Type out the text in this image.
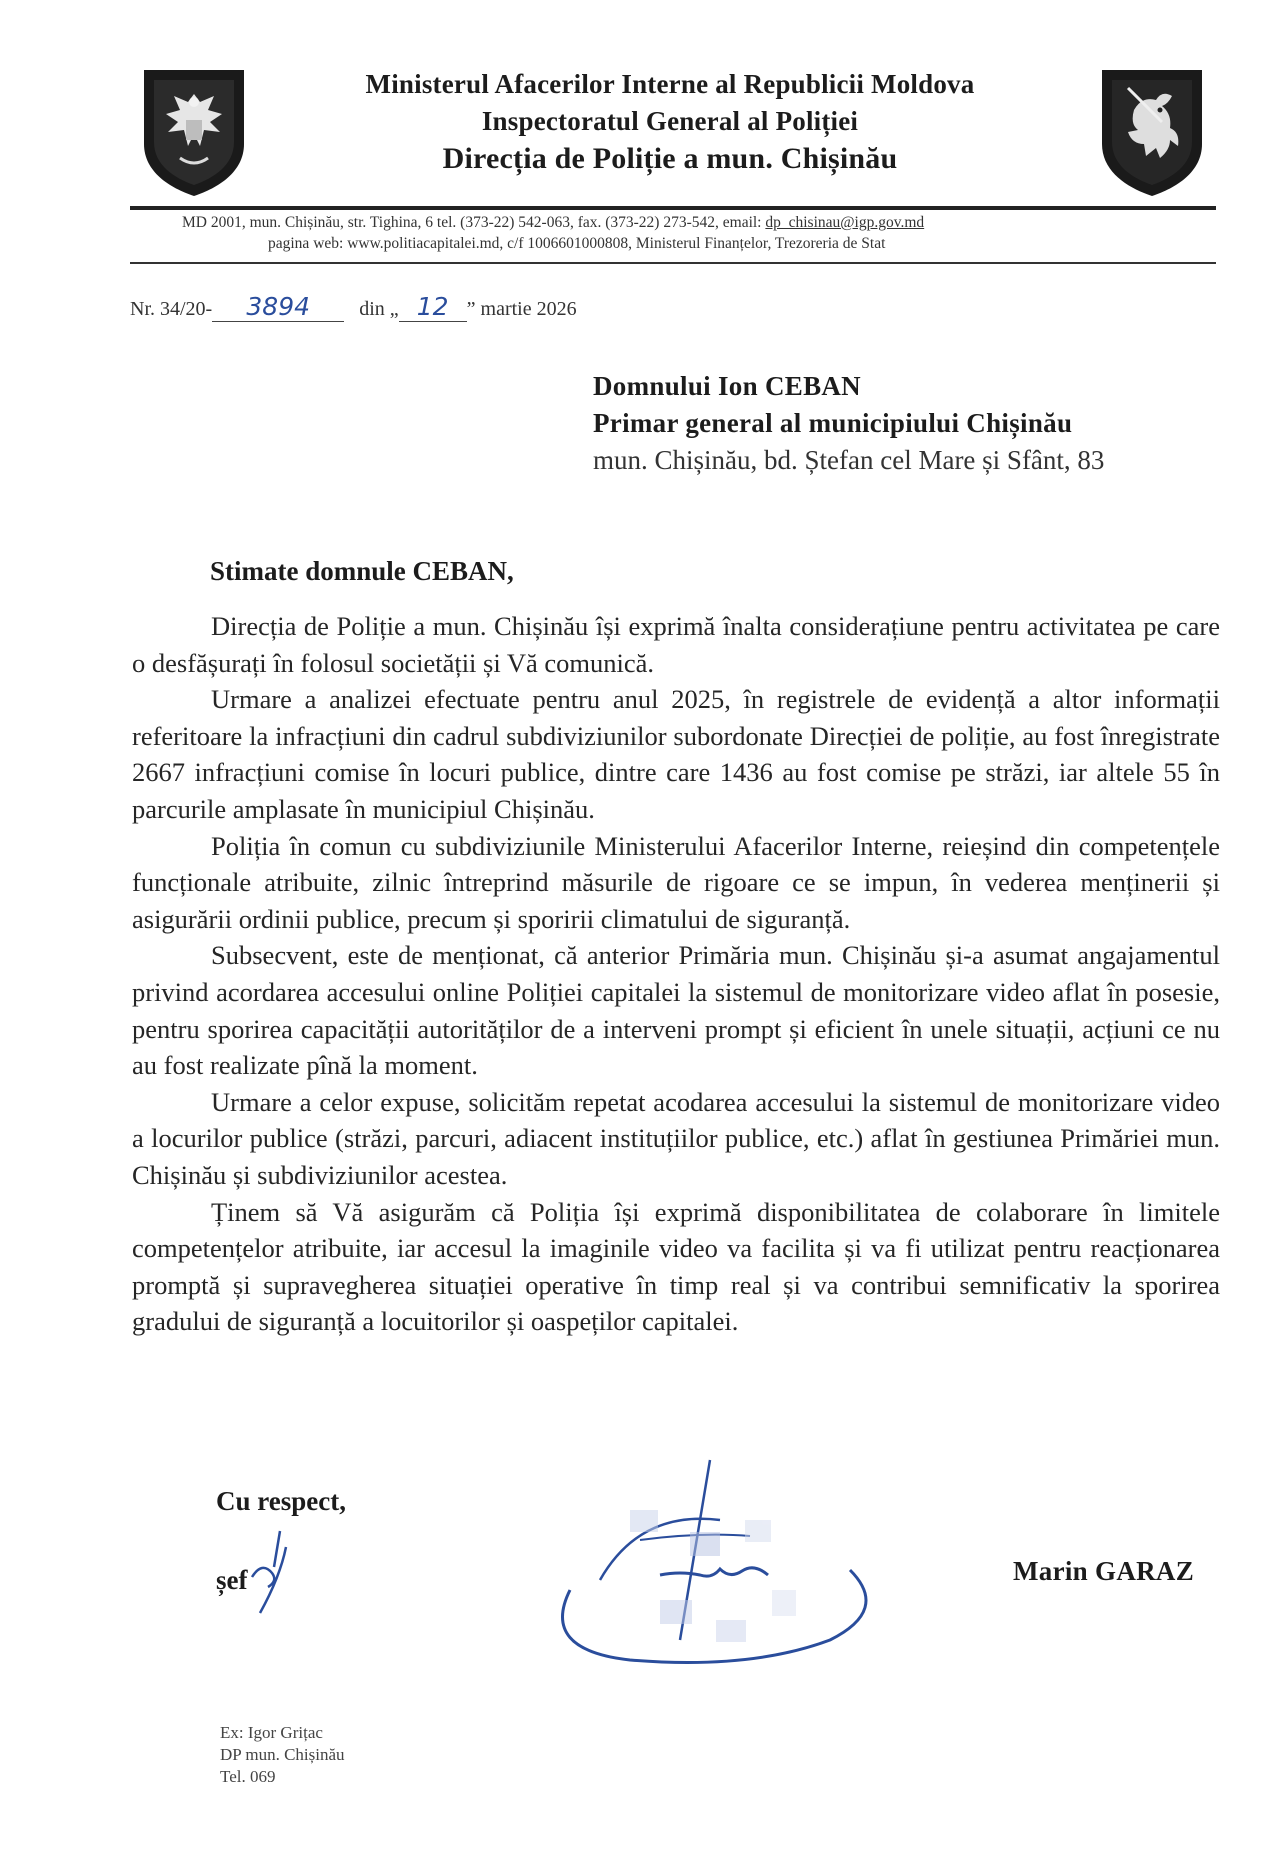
Ministerul Afacerilor Interne al Republicii Moldova
Inspectoratul General al Poliției
Direcția de Poliție a mun. Chișinău
MD 2001, mun. Chișinău, str. Tighina, 6 tel. (373-22) 542-063, fax. (373-22) 273-542, email: dp_chisinau@igp.gov.md
pagina web: www.politiacapitalei.md, c/f 1006601000808, Ministerul Finanțelor, Trezoreria de Stat
Nr. 34/20- 3894 din „ 12 ” martie 2026
Domnului Ion CEBAN
Primar general al municipiului Chișinău
mun. Chișinău, bd. Ștefan cel Mare și Sfânt, 83
Stimate domnule CEBAN,

Direcția de Poliție a mun. Chișinău își exprimă înalta considerațiune pentru activitatea pe care o desfășurați în folosul societății și Vă comunică.

Urmare a analizei efectuate pentru anul 2025, în registrele de evidență a altor informații referitoare la infracțiuni din cadrul subdiviziunilor subordonate Direcției de poliție, au fost înregistrate 2667 infracțiuni comise în locuri publice, dintre care 1436 au fost comise pe străzi, iar altele 55 în parcurile amplasate în municipiul Chișinău.

Poliția în comun cu subdiviziunile Ministerului Afacerilor Interne, reieșind din competențele funcționale atribuite, zilnic întreprind măsurile de rigoare ce se impun, în vederea menținerii și asigurării ordinii publice, precum și sporirii climatului de siguranță.

Subsecvent, este de menționat, că anterior Primăria mun. Chișinău și-a asumat angajamentul privind acordarea accesului online Poliției capitalei la sistemul de monitorizare video aflat în posesie, pentru sporirea capacității autorităților de a interveni prompt și eficient în unele situații, acțiuni ce nu au fost realizate pînă la moment.

Urmare a celor expuse, solicităm repetat acodarea accesului la sistemul de monitorizare video a locurilor publice (străzi, parcuri, adiacent instituțiilor publice, etc.) aflat în gestiunea Primăriei mun. Chișinău și subdiviziunilor acestea.

Ținem să Vă asigurăm că Poliția își exprimă disponibilitatea de colaborare în limitele competențelor atribuite, iar accesul la imaginile video va facilita și va fi utilizat pentru reacționarea promptă și supravegherea situației operative în timp real și va contribui semnificativ la sporirea gradului de siguranță a locuitorilor și oaspeților capitalei.

Cu respect,
șef	Marin GARAZ
Ex: Igor Grițac
DP mun. Chișinău
Tel. 069
